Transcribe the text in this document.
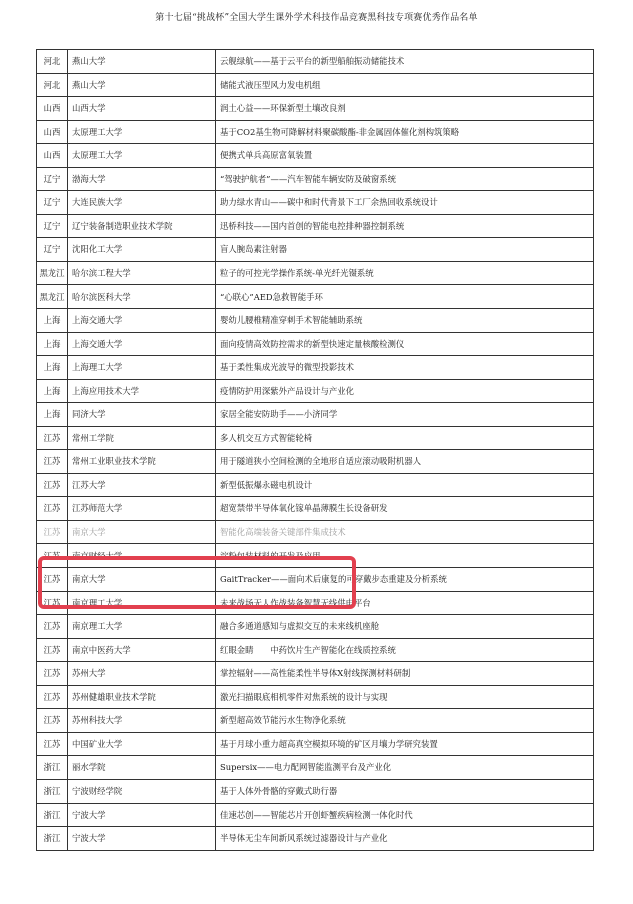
第十七届“挑战杯”全国大学生课外学术科技作品竞赛黑科技专项赛优秀作品名单
河北	燕山大学	云舰绿航——基于云平台的新型船舶振动储能技术
河北	燕山大学	储能式液压型风力发电机组
山西	山西大学	润土心益——环保新型土壤改良剂
山西	太原理工大学	基于CO2基生物可降解材料聚碳酸酯-非金属固体催化剂构筑策略
山西	太原理工大学	便携式单兵高原富氧装置
辽宁	渤海大学	“驾驶护航者”——汽车智能车辆安防及破窗系统
辽宁	大连民族大学	助力绿水青山——碳中和时代背景下工厂余热回收系统设计
辽宁	辽宁装备制造职业技术学院	迅桥科技——国内首创的智能电控排种器控制系统
辽宁	沈阳化工大学	盲人腕岛素注射器
黑龙江	哈尔滨工程大学	粒子的可控光学操作系统-单光纤光镊系统
黑龙江	哈尔滨医科大学	“心联心”AED急救智能手环
上海	上海交通大学	婴幼儿腰椎精准穿刺手术智能辅助系统
上海	上海交通大学	面向疫情高效防控需求的新型快速定量核酸检测仪
上海	上海理工大学	基于柔性集成光波导的微型投影技术
上海	上海应用技术大学	疫情防护用深紫外产品设计与产业化
上海	同济大学	家居全能安防助手——小济同学
江苏	常州工学院	多人机交互方式智能轮椅
江苏	常州工业职业技术学院	用于隧道狭小空间检测的全地形自适应滚动吸附机器人
江苏	江苏大学	新型低振爆永磁电机设计
江苏	江苏师范大学	超宽禁带半导体氧化镓单晶薄膜生长设备研发
江苏	南京大学	智能化高端装备关键部件集成技术
江苏	南京财经大学	淀粉包装材料的开发及应用
江苏	南京大学	GaitTracker——面向术后康复的可穿戴步态重建及分析系统
江苏	南京理工大学	未来战场无人作战装备智慧无线供电平台
江苏	南京理工大学	融合多通道感知与虚拟交互的未来线机座舱
江苏	南京中医药大学	红眼金睛　　中药饮片生产智能化在线质控系统
江苏	苏州大学	掌控辐射——高性能柔性半导体X射线探测材料研制
江苏	苏州健雄职业技术学院	激光扫描眼底相机零件对焦系统的设计与实现
江苏	苏州科技大学	新型超高效节能污水生物净化系统
江苏	中国矿业大学	基于月球小重力超高真空模拟环境的矿区月壤力学研究装置
浙江	丽水学院	Supersix——电力配网智能监测平台及产业化
浙江	宁波财经学院	基于人体外骨骼的穿戴式助行器
浙江	宁波大学	佳速芯创——智能芯片开创虾蟹疾病检测一体化时代
浙江	宁波大学	半导体无尘车间新风系统过滤器设计与产业化
